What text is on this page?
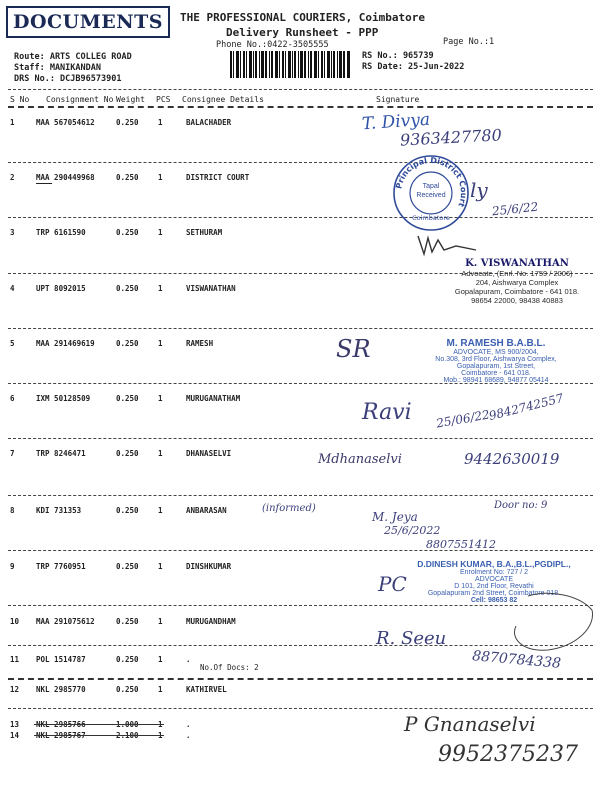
DOCUMENTS THE PROFESSIONAL COURIERS, Coimbatore
Delivery Runsheet - PPP
Phone No.:0422-3505555	Page No.:1
Route: ARTS COLLEG ROAD
Staff: MANIKANDAN
DRS No.: DCJB96573901
RS No.: 965739
RS Date: 25-Jun-2022
S No Consignment No Weight PCS Consignee Details	Signature
1	MAA 567054612	0.250	1	BALACHADER
2	MAA 290449968	0.250	1	DISTRICT COURT
3	TRP 6161590	0.250	1	SETHURAM
4	UPT 8092015	0.250	1	VISWANATHAN
5	MAA 291469619	0.250	1	RAMESH
6	IXM 50128509	0.250	1	MURUGANATHAM
7	TRP 8246471	0.250	1	DHANASELVI
8	KDI 731353	0.250	1	ANBARASAN
9	TRP 7760951	0.250	1	DINSHKUMAR
10 MAA 291075612	0.250	1	MURUGANDHAM
11 POL 1514787	0.250	1	.
12 NKL 2985770	0.250	1	KATHIRVEL
13 NKL 2985766	1.000	1	.
14 NKL 2985767	2.100	1	.
T. Divya
9363427780
Principal District Court
Coimbatore
Tapal Received ly
25/6/22
K. VISWANATHAN
Advocate, (Enrl. No. 1759 / 2006)
204, Aishwarya Complex
Gopalapuram, Coimbatore - 641 018.
98654 22000, 98438 40883
SR	M. RAMESH B.A.B.L.
ADVOCATE, MS 900/2004,
No.308, 3rd Floor, Aishwarya Complex,
Gopalapuram, 1st Street,
Coimbatore - 641 018.
Mob.: 98941 68689, 94877 05414
Ravi 25/06/22
9842742557
Mdhanaselvi	9442630019
(informed)	Door no: 9
M. Jeya
25/6/2022
8807551412
PC
D.DINESH KUMAR, B.A.,B.L.,PGDIPL.,
Enrolment No: 727 / 2
ADVOCATE
D 101, 2nd Floor, Revathi
Gopalapuram 2nd Street, Coimbatore 018.
Cell: 98653 82
R. Seeu
8870784338
No.Of Docs: 2
P Gnanaselvi
9952375237
